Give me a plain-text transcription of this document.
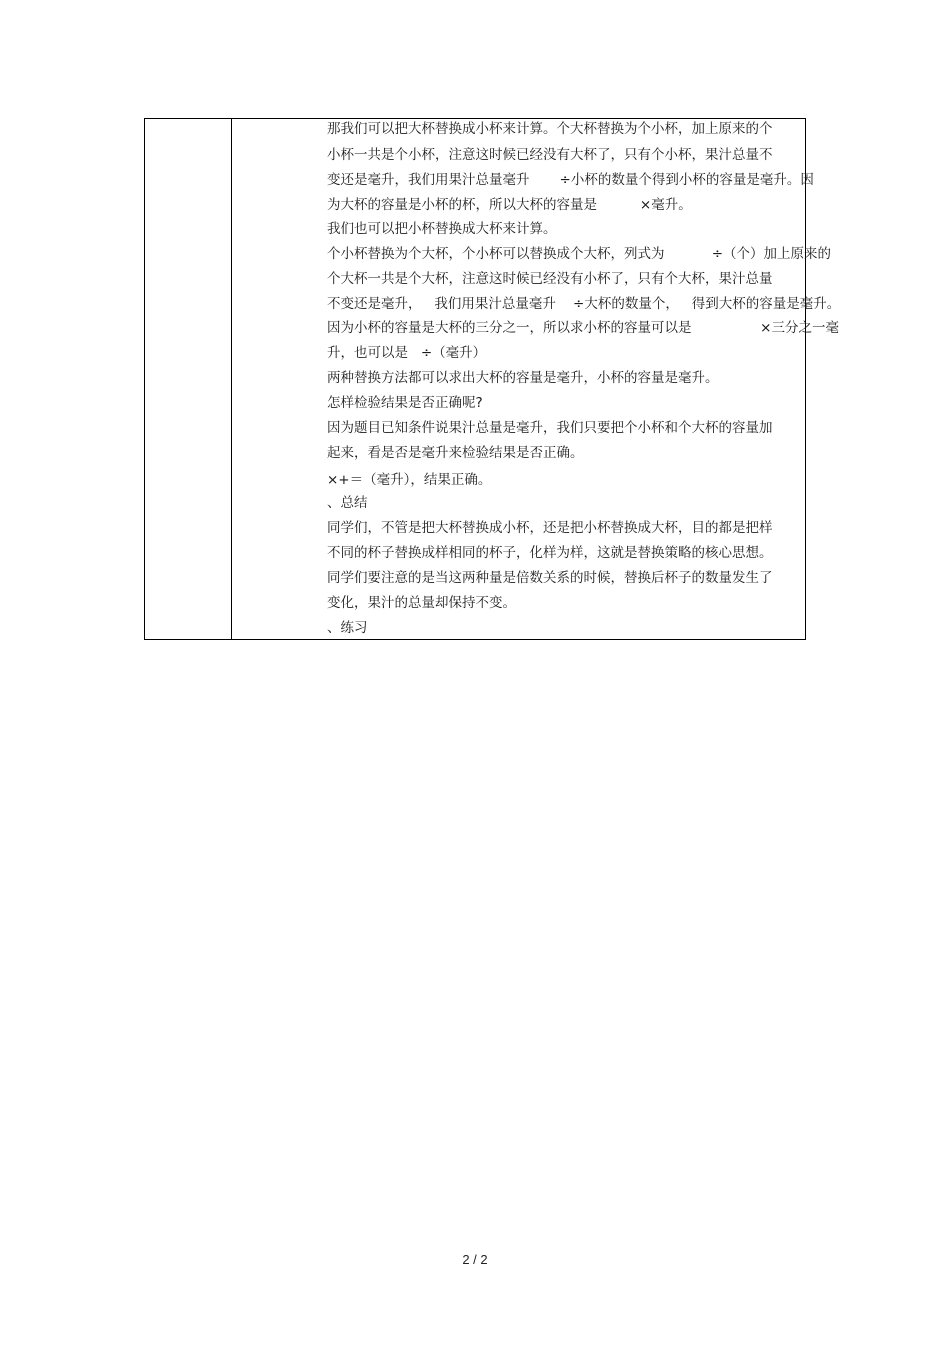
那我们可以把大杯替换成小杯来计算。个大杯替换为个小杯，加上原来的个
小杯一共是个小杯，注意这时候已经没有大杯了，只有个小杯，果汁总量不
变还是毫升，我们用果汁总量毫升       ÷小杯的数量个得到小杯的容量是毫升。因
为大杯的容量是小杯的杯，所以大杯的容量是          ×毫升。
我们也可以把小杯替换成大杯来计算。
个小杯替换为个大杯，个小杯可以替换成个大杯，列式为           ÷（个）加上原来的
个大杯一共是个大杯，注意这时候已经没有小杯了，只有个大杯，果汁总量
不变还是毫升，   我们用果汁总量毫升    ÷大杯的数量个，   得到大杯的容量是毫升。
因为小杯的容量是大杯的三分之一，所以求小杯的容量可以是                ×三分之一毫
升，也可以是   ÷（毫升）
两种替换方法都可以求出大杯的容量是毫升，小杯的容量是毫升。
怎样检验结果是否正确呢?
因为题目已知条件说果汁总量是毫升，我们只要把个小杯和个大杯的容量加
起来，看是否是毫升来检验结果是否正确。
×+＝（毫升），结果正确。
、总结
同学们，不管是把大杯替换成小杯，还是把小杯替换成大杯，目的都是把样
不同的杯子替换成样相同的杯子，化样为样，这就是替换策略的核心思想。
同学们要注意的是当这两种量是倍数关系的时候，替换后杯子的数量发生了
变化，果汁的总量却保持不变。
、练习
2 / 2
